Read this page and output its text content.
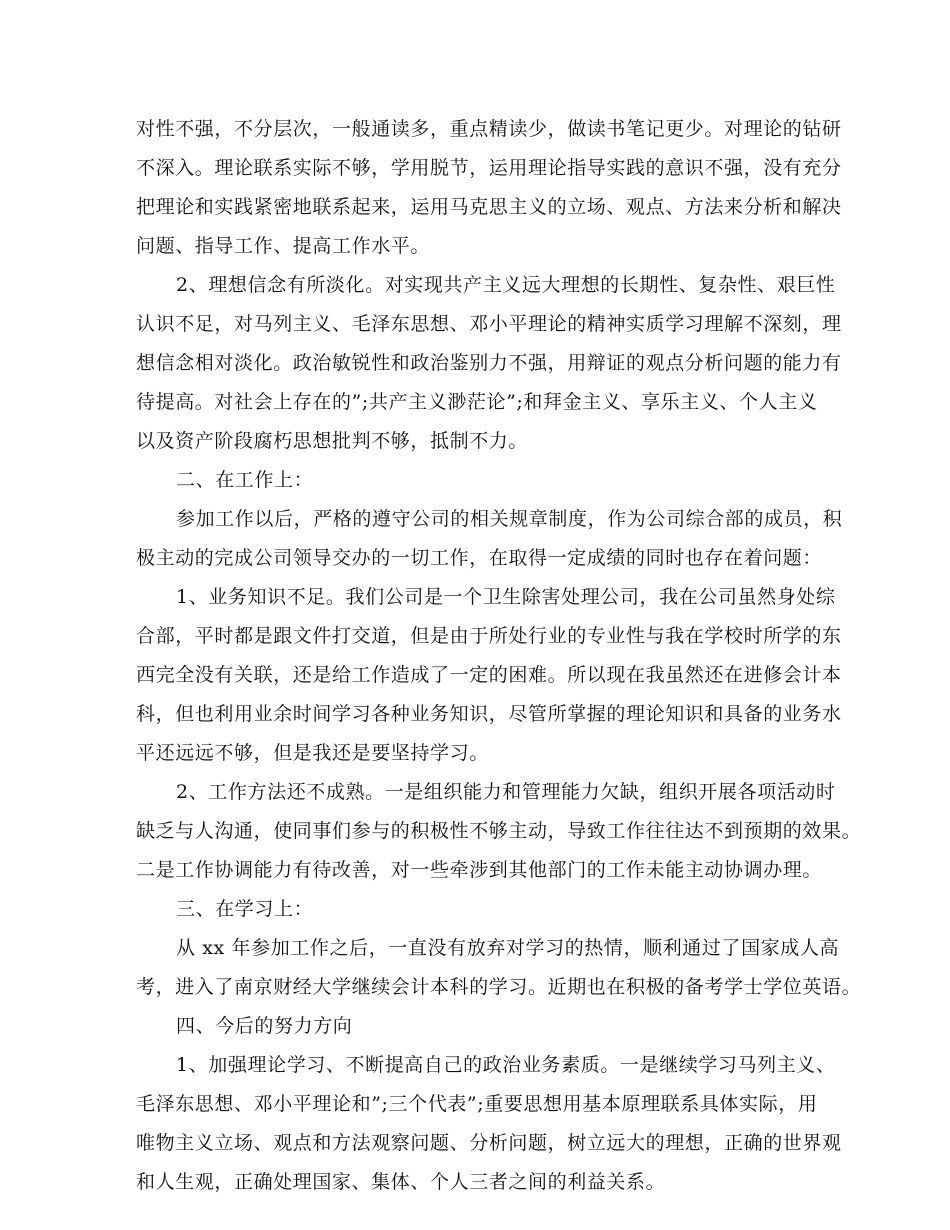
对性不强，不分层次，一般通读多，重点精读少，做读书笔记更少。对理论的钻研
不深入。理论联系实际不够，学用脱节，运用理论指导实践的意识不强，没有充分
把理论和实践紧密地联系起来，运用马克思主义的立场、观点、方法来分析和解决
问题、指导工作、提高工作水平。
2、理想信念有所淡化。对实现共产主义远大理想的长期性、复杂性、艰巨性
认识不足，对马列主义、毛泽东思想、邓小平理论的精神实质学习理解不深刻，理
想信念相对淡化。政治敏锐性和政治鉴别力不强，用辩证的观点分析问题的能力有
待提高。对社会上存在的”;共产主义渺茫论”;和拜金主义、享乐主义、个人主义
以及资产阶段腐朽思想批判不够，抵制不力。
二、在工作上：
参加工作以后，严格的遵守公司的相关规章制度，作为公司综合部的成员，积
极主动的完成公司领导交办的一切工作，在取得一定成绩的同时也存在着问题：
1、业务知识不足。我们公司是一个卫生除害处理公司，我在公司虽然身处综
合部，平时都是跟文件打交道，但是由于所处行业的专业性与我在学校时所学的东
西完全没有关联，还是给工作造成了一定的困难。所以现在我虽然还在进修会计本
科，但也利用业余时间学习各种业务知识，尽管所掌握的理论知识和具备的业务水
平还远远不够，但是我还是要坚持学习。
2、工作方法还不成熟。一是组织能力和管理能力欠缺，组织开展各项活动时
缺乏与人沟通，使同事们参与的积极性不够主动，导致工作往往达不到预期的效果。
二是工作协调能力有待改善，对一些牵涉到其他部门的工作未能主动协调办理。
三、在学习上：
从 xx 年参加工作之后，一直没有放弃对学习的热情，顺利通过了国家成人高
考，进入了南京财经大学继续会计本科的学习。近期也在积极的备考学士学位英语。
四、今后的努力方向
1、加强理论学习、不断提高自己的政治业务素质。一是继续学习马列主义、
毛泽东思想、邓小平理论和”;三个代表”;重要思想用基本原理联系具体实际，用
唯物主义立场、观点和方法观察问题、分析问题，树立远大的理想，正确的世界观
和人生观，正确处理国家、集体、个人三者之间的利益关系。
